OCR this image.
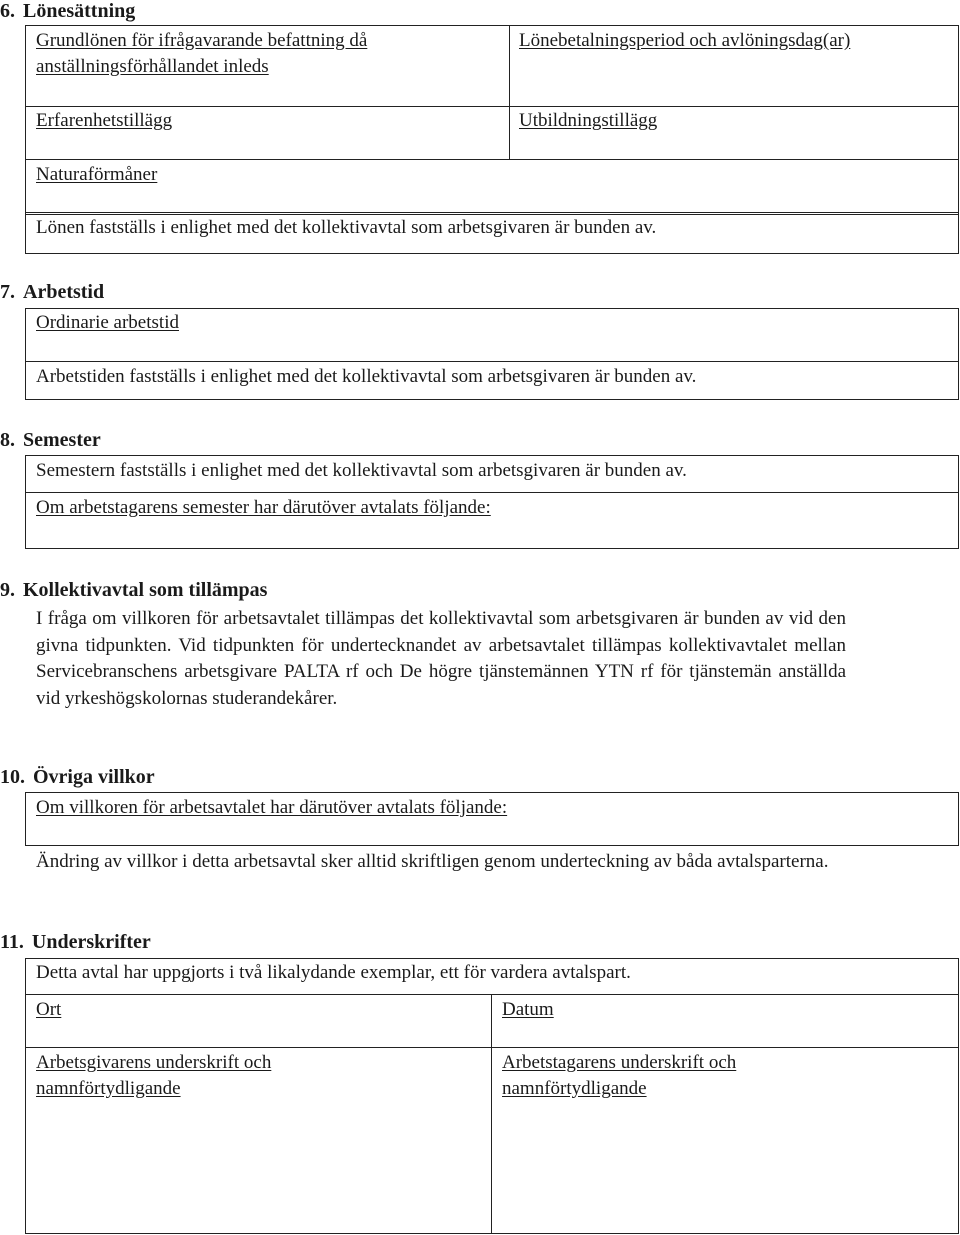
6. Lönesättning
Grundlönen för ifrågavarande befattning då
anställningsförhållandet inleds
Lönebetalningsperiod och avlöningsdag(ar)
Erfarenhetstillägg	Utbildningstillägg
Naturaförmåner
Lönen fastställs i enlighet med det kollektivavtal som arbetsgivaren är bunden av.
7. Arbetstid
Ordinarie arbetstid
Arbetstiden fastställs i enlighet med det kollektivavtal som arbetsgivaren är bunden av.
8. Semester
Semestern fastställs i enlighet med det kollektivavtal som arbetsgivaren är bunden av.
Om arbetstagarens semester har därutöver avtalats följande:
9. Kollektivavtal som tillämpas
I fråga om villkoren för arbetsavtalet tillämpas det kollektivavtal som arbetsgivaren är bunden av vid den givna tidpunkten. Vid tidpunkten för undertecknandet av arbetsavtalet tillämpas kollektivavtalet mellan Servicebranschens arbetsgivare PALTA rf och De högre tjänstemännen YTN rf för tjänstemän anställda vid yrkeshögskolornas studerandekårer.
10. Övriga villkor
Om villkoren för arbetsavtalet har därutöver avtalats följande:
Ändring av villkor i detta arbetsavtal sker alltid skriftligen genom underteckning av båda avtalsparterna.
11. Underskrifter
Detta avtal har uppgjorts i två likalydande exemplar, ett för vardera avtalspart.
Ort	Datum
Arbetsgivarens underskrift och namnförtydligande
Arbetstagarens underskrift och namnförtydligande
